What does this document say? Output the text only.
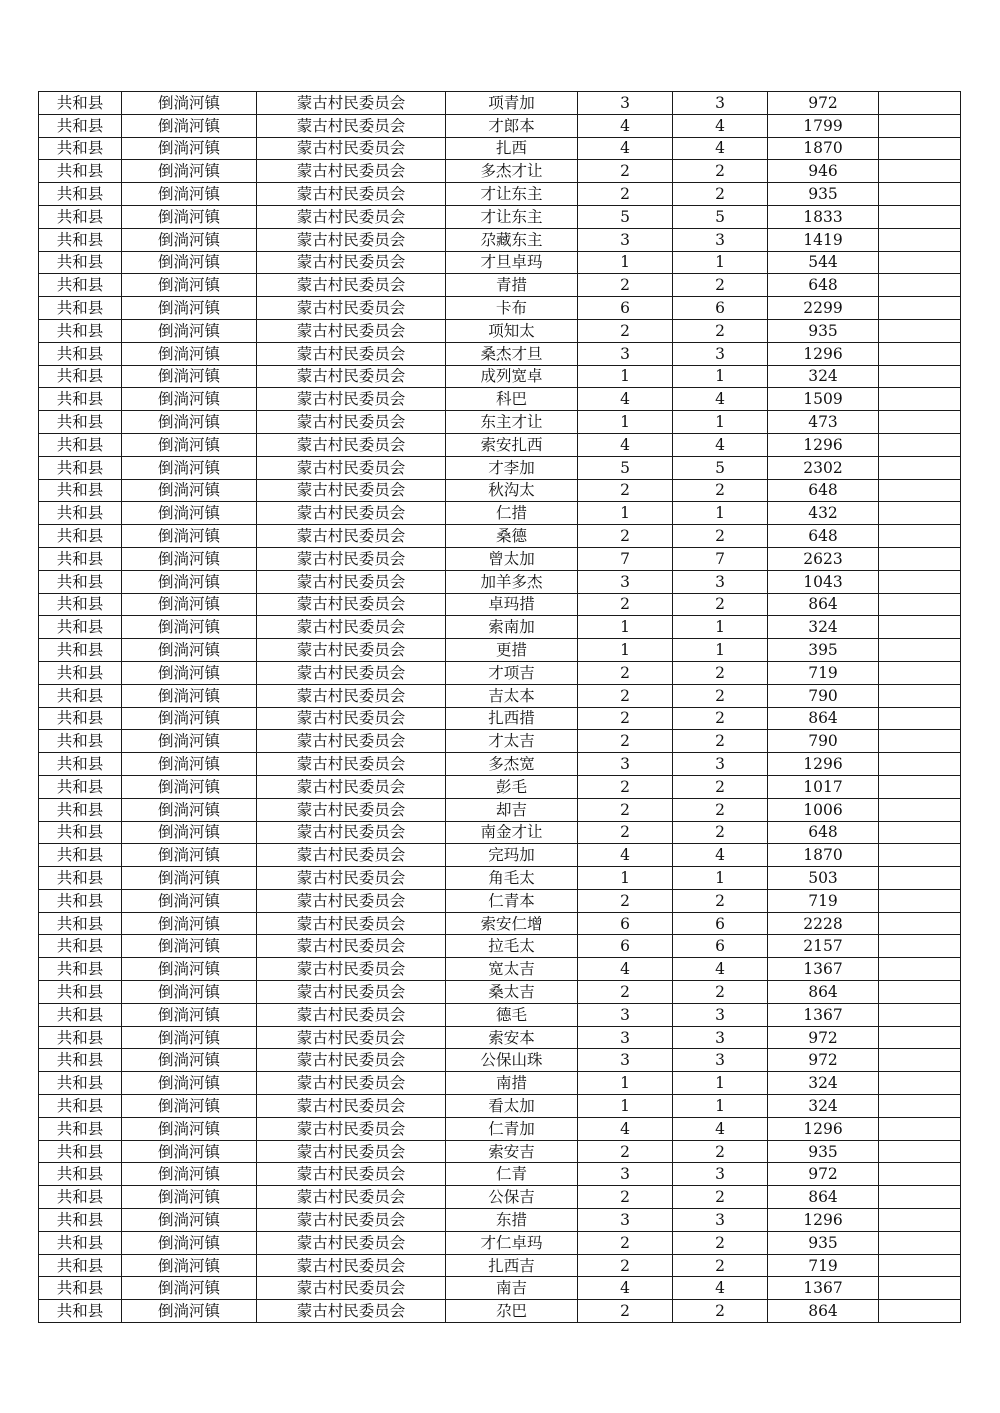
共和县	倒淌河镇	蒙古村民委员会	项青加	3	3	972	
共和县	倒淌河镇	蒙古村民委员会	才郎本	4	4	1799	
共和县	倒淌河镇	蒙古村民委员会	扎西	4	4	1870	
共和县	倒淌河镇	蒙古村民委员会	多杰才让	2	2	946	
共和县	倒淌河镇	蒙古村民委员会	才让东主	2	2	935	
共和县	倒淌河镇	蒙古村民委员会	才让东主	5	5	1833	
共和县	倒淌河镇	蒙古村民委员会	尕藏东主	3	3	1419	
共和县	倒淌河镇	蒙古村民委员会	才旦卓玛	1	1	544	
共和县	倒淌河镇	蒙古村民委员会	青措	2	2	648	
共和县	倒淌河镇	蒙古村民委员会	卡布	6	6	2299	
共和县	倒淌河镇	蒙古村民委员会	项知太	2	2	935	
共和县	倒淌河镇	蒙古村民委员会	桑杰才旦	3	3	1296	
共和县	倒淌河镇	蒙古村民委员会	成列宽卓	1	1	324	
共和县	倒淌河镇	蒙古村民委员会	科巴	4	4	1509	
共和县	倒淌河镇	蒙古村民委员会	东主才让	1	1	473	
共和县	倒淌河镇	蒙古村民委员会	索安扎西	4	4	1296	
共和县	倒淌河镇	蒙古村民委员会	才李加	5	5	2302	
共和县	倒淌河镇	蒙古村民委员会	秋沟太	2	2	648	
共和县	倒淌河镇	蒙古村民委员会	仁措	1	1	432	
共和县	倒淌河镇	蒙古村民委员会	桑德	2	2	648	
共和县	倒淌河镇	蒙古村民委员会	曾太加	7	7	2623	
共和县	倒淌河镇	蒙古村民委员会	加羊多杰	3	3	1043	
共和县	倒淌河镇	蒙古村民委员会	卓玛措	2	2	864	
共和县	倒淌河镇	蒙古村民委员会	索南加	1	1	324	
共和县	倒淌河镇	蒙古村民委员会	更措	1	1	395	
共和县	倒淌河镇	蒙古村民委员会	才项吉	2	2	719	
共和县	倒淌河镇	蒙古村民委员会	吉太本	2	2	790	
共和县	倒淌河镇	蒙古村民委员会	扎西措	2	2	864	
共和县	倒淌河镇	蒙古村民委员会	才太吉	2	2	790	
共和县	倒淌河镇	蒙古村民委员会	多杰宽	3	3	1296	
共和县	倒淌河镇	蒙古村民委员会	彭毛	2	2	1017	
共和县	倒淌河镇	蒙古村民委员会	却吉	2	2	1006	
共和县	倒淌河镇	蒙古村民委员会	南金才让	2	2	648	
共和县	倒淌河镇	蒙古村民委员会	完玛加	4	4	1870	
共和县	倒淌河镇	蒙古村民委员会	角毛太	1	1	503	
共和县	倒淌河镇	蒙古村民委员会	仁青本	2	2	719	
共和县	倒淌河镇	蒙古村民委员会	索安仁增	6	6	2228	
共和县	倒淌河镇	蒙古村民委员会	拉毛太	6	6	2157	
共和县	倒淌河镇	蒙古村民委员会	宽太吉	4	4	1367	
共和县	倒淌河镇	蒙古村民委员会	桑太吉	2	2	864	
共和县	倒淌河镇	蒙古村民委员会	德毛	3	3	1367	
共和县	倒淌河镇	蒙古村民委员会	索安本	3	3	972	
共和县	倒淌河镇	蒙古村民委员会	公保山珠	3	3	972	
共和县	倒淌河镇	蒙古村民委员会	南措	1	1	324	
共和县	倒淌河镇	蒙古村民委员会	看太加	1	1	324	
共和县	倒淌河镇	蒙古村民委员会	仁青加	4	4	1296	
共和县	倒淌河镇	蒙古村民委员会	索安吉	2	2	935	
共和县	倒淌河镇	蒙古村民委员会	仁青	3	3	972	
共和县	倒淌河镇	蒙古村民委员会	公保吉	2	2	864	
共和县	倒淌河镇	蒙古村民委员会	东措	3	3	1296	
共和县	倒淌河镇	蒙古村民委员会	才仁卓玛	2	2	935	
共和县	倒淌河镇	蒙古村民委员会	扎西吉	2	2	719	
共和县	倒淌河镇	蒙古村民委员会	南吉	4	4	1367	
共和县	倒淌河镇	蒙古村民委员会	尕巴	2	2	864	
